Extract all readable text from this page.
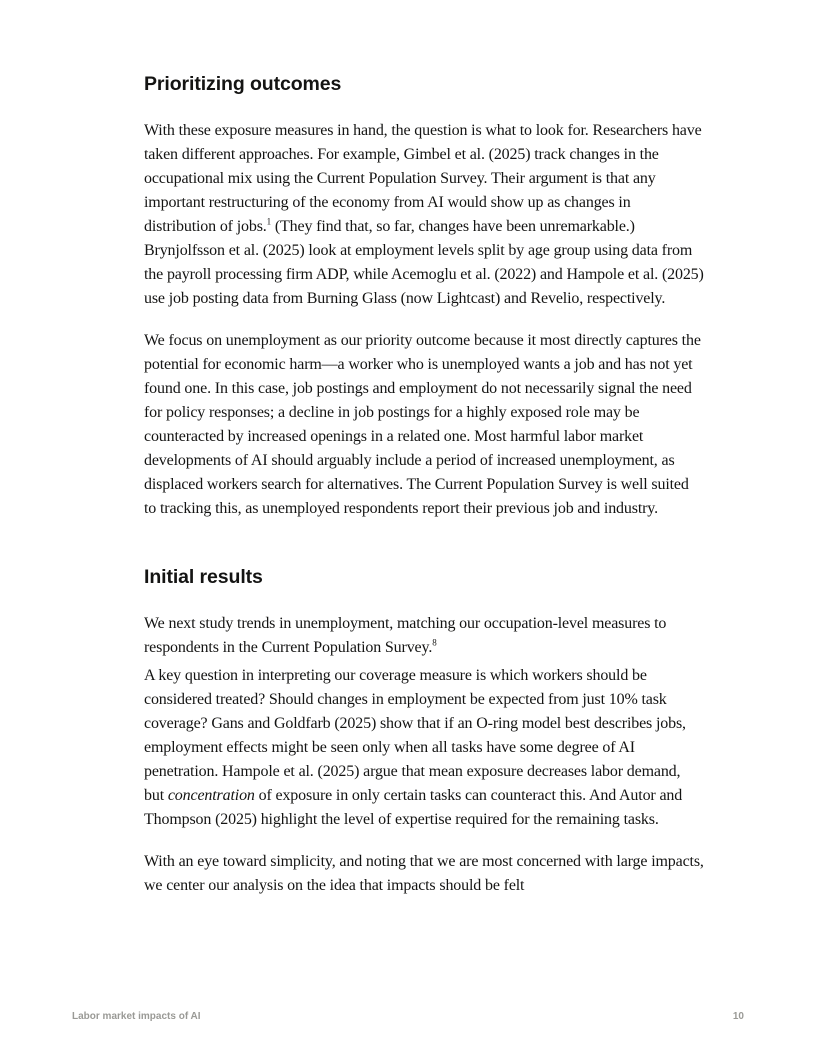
Prioritizing outcomes

With these exposure measures in hand, the question is what to look for. Researchers have taken different approaches. For example, Gimbel et al. (2025) track changes in the occupational mix using the Current Population Survey. Their argument is that any important restructuring of the economy from AI would show up as changes in distribution of jobs.$^1$ (They find that, so far, changes have been unremarkable.) Brynjolfsson et al. (2025) look at employment levels split by age group using data from the payroll processing firm ADP, while Acemoglu et al. (2022) and Hampole et al. (2025) use job posting data from Burning Glass (now Lightcast) and Revelio, respectively.

We focus on unemployment as our priority outcome because it most directly captures the potential for economic harm—a worker who is unemployed wants a job and has not yet found one. In this case, job postings and employment do not necessarily signal the need for policy responses; a decline in job postings for a highly exposed role may be counteracted by increased openings in a related one. Most harmful labor market developments of AI should arguably include a period of increased unemployment, as displaced workers search for alternatives. The Current Population Survey is well suited to tracking this, as unemployed respondents report their previous job and industry.

Initial results

We next study trends in unemployment, matching our occupation-level measures to respondents in the Current Population Survey.$^8$

A key question in interpreting our coverage measure is which workers should be considered treated? Should changes in employment be expected from just 10% task coverage? Gans and Goldfarb (2025) show that if an O-ring model best describes jobs, employment effects might be seen only when all tasks have some degree of AI penetration. Hampole et al. (2025) argue that mean exposure decreases labor demand, but concentration of exposure in only certain tasks can counteract this. And Autor and Thompson (2025) highlight the level of expertise required for the remaining tasks.

With an eye toward simplicity, and noting that we are most concerned with large impacts, we center our analysis on the idea that impacts should be felt

Labor market impacts of AI	10
